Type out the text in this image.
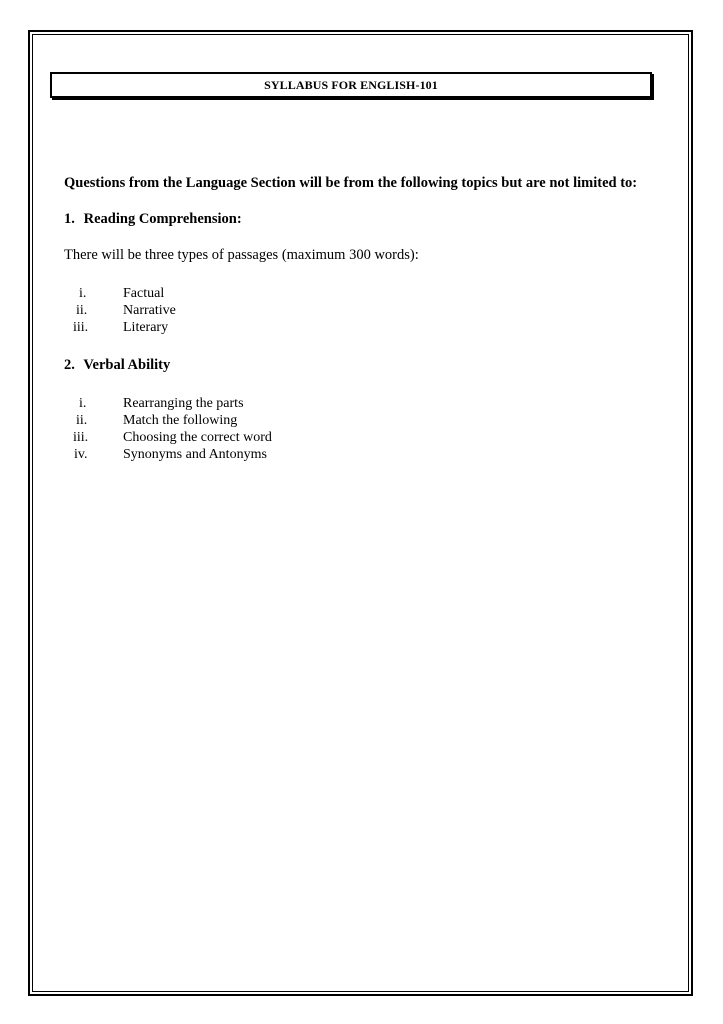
SYLLABUS FOR ENGLISH-101
Questions from the Language Section will be from the following topics but are not limited to:
1. Reading Comprehension:
There will be three types of passages (maximum 300 words):
i.	Factual
ii.	Narrative
iii. Literary
2. Verbal Ability
i.	Rearranging the parts
ii.	Match the following
iii. Choosing the correct word
iv.	Synonyms and Antonyms
